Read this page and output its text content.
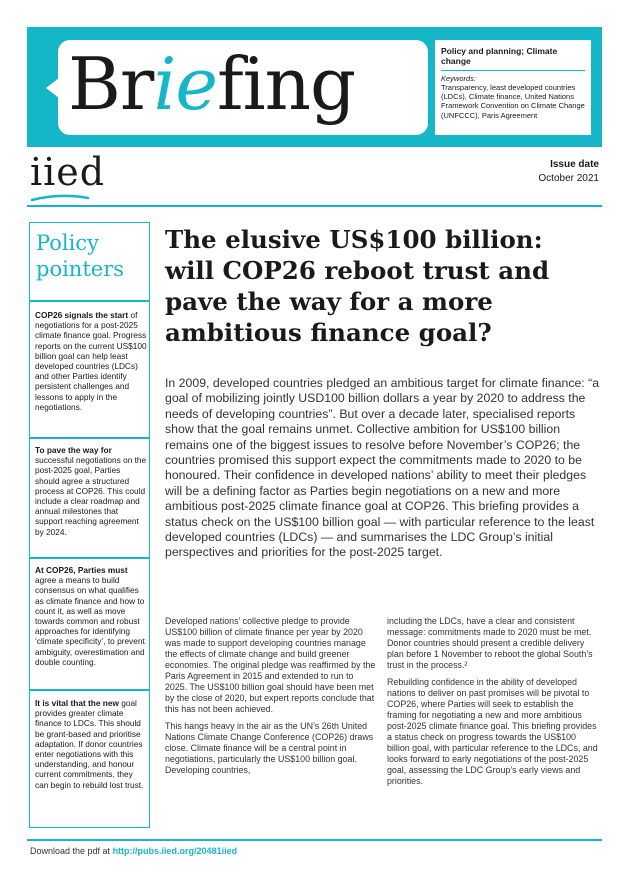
Briefing	Policy and planning; Climate change
Keywords:
Transparency, least developed countries (LDCs), Climate finance, United Nations Framework Convention on Climate Change (UNFCCC), Paris Agreement
iied	Issue date
October 2021
Policy
pointers
COP26 signals the start of negotiations for a post-2025 climate finance goal. Progress reports on the current US$100 billion goal can help least developed countries (LDCs) and other Parties identify persistent challenges and lessons to apply in the negotiations.
To pave the way for successful negotiations on the post-2025 goal, Parties should agree a structured process at COP26. This could include a clear roadmap and annual milestones that support reaching agreement by 2024.
At COP26, Parties must agree a means to build consensus on what qualifies as climate finance and how to count it, as well as move towards common and robust approaches for identifying ‘climate specificity’, to prevent ambiguity, overestimation and double counting.
It is vital that the new goal provides greater climate finance to LDCs. This should be grant-based and prioritise adaptation. If donor countries enter negotiations with this understanding, and honour current commitments, they can begin to rebuild lost trust.
The elusive US$100 billion: will COP26 reboot trust and pave the way for a more ambitious finance goal?

In 2009, developed countries pledged an ambitious target for climate finance: “a goal of mobilizing jointly USD100 billion dollars a year by 2020 to address the needs of developing countries”. But over a decade later, specialised reports show that the goal remains unmet. Collective ambition for US$100 billion remains one of the biggest issues to resolve before November’s COP26; the countries promised this support expect the commitments made to 2020 to be honoured. Their confidence in developed nations’ ability to meet their pledges will be a defining factor as Parties begin negotiations on a new and more ambitious post-2025 climate finance goal at COP26. This briefing provides a status check on the US$100 billion goal — with particular reference to the least developed countries (LDCs) — and summarises the LDC Group’s initial perspectives and priorities for the post-2025 target.

Developed nations’ collective pledge to provide US$100 billion of climate finance per year by 2020 was made to support developing countries manage the effects of climate change and build greener economies. The original pledge was reaffirmed by the Paris Agreement in 2015 and extended to run to 2025. The US$100 billion goal should have been met by the close of 2020, but expert reports conclude that this has not been achieved.

This hangs heavy in the air as the UN’s 26th United Nations Climate Change Conference (COP26) draws close. Climate finance will be a central point in negotiations, particularly the US$100 billion goal. Developing countries,

including the LDCs, have a clear and consistent message: commitments made to 2020 must be met. Donor countries should present a credible delivery plan before 1 November to reboot the global South’s trust in the process.²

Rebuilding confidence in the ability of developed nations to deliver on past promises will be pivotal to COP26, where Parties will seek to establish the framing for negotiating a new and more ambitious post-2025 climate finance goal. This briefing provides a status check on progress towards the US$100 billion goal, with particular reference to the LDCs, and looks forward to early negotiations of the post-2025 goal, assessing the LDC Group’s early views and priorities.

Download the pdf at http://pubs.iied.org/20481iied
